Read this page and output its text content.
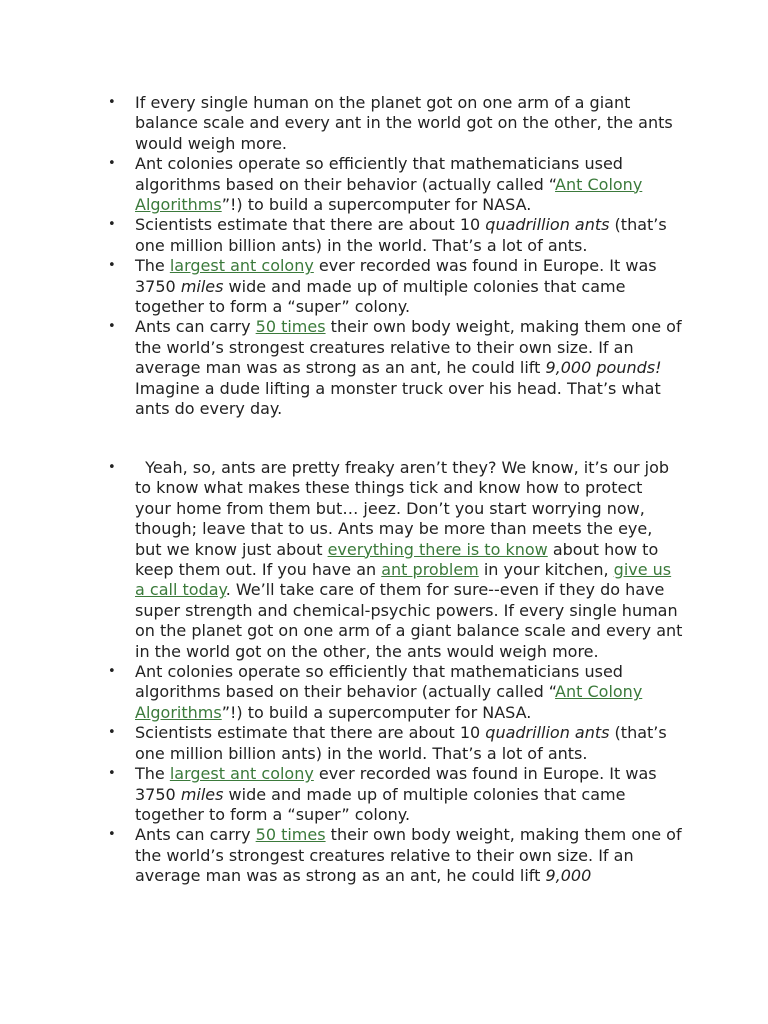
•	If every single human on the planet got on one arm of a giant balance scale and every ant in the world got on the other, the ants would weigh more.
•	Ant colonies operate so efficiently that mathematicians used algorithms based on their behavior (actually called “Ant Colony Algorithms”!) to build a supercomputer for NASA.
•	Scientists estimate that there are about 10 quadrillion ants (that’s one million billion ants) in the world. That’s a lot of ants.
•	The largest ant colony ever recorded was found in Europe. It was 3750 miles wide and made up of multiple colonies that came together to form a “super” colony.
•	Ants can carry 50 times their own body weight, making them one of the world’s strongest creatures relative to their own size. If an average man was as strong as an ant, he could lift 9,000 pounds! Imagine a dude lifting a monster truck over his head. That’s what ants do every day.
•	Yeah, so, ants are pretty freaky aren’t they? We know, it’s our job to know what makes these things tick and know how to protect your home from them but… jeez. Don’t you start worrying now, though; leave that to us. Ants may be more than meets the eye, but we know just about everything there is to know about how to keep them out. If you have an ant problem in your kitchen, give us a call today. We’ll take care of them for sure--even if they do have super strength and chemical-psychic powers. If every single human on the planet got on one arm of a giant balance scale and every ant in the world got on the other, the ants would weigh more.
•	Ant colonies operate so efficiently that mathematicians used algorithms based on their behavior (actually called “Ant Colony Algorithms”!) to build a supercomputer for NASA.
•	Scientists estimate that there are about 10 quadrillion ants (that’s one million billion ants) in the world. That’s a lot of ants.
•	The largest ant colony ever recorded was found in Europe. It was 3750 miles wide and made up of multiple colonies that came together to form a “super” colony.
•	Ants can carry 50 times their own body weight, making them one of the world’s strongest creatures relative to their own size. If an average man was as strong as an ant, he could lift 9,000
